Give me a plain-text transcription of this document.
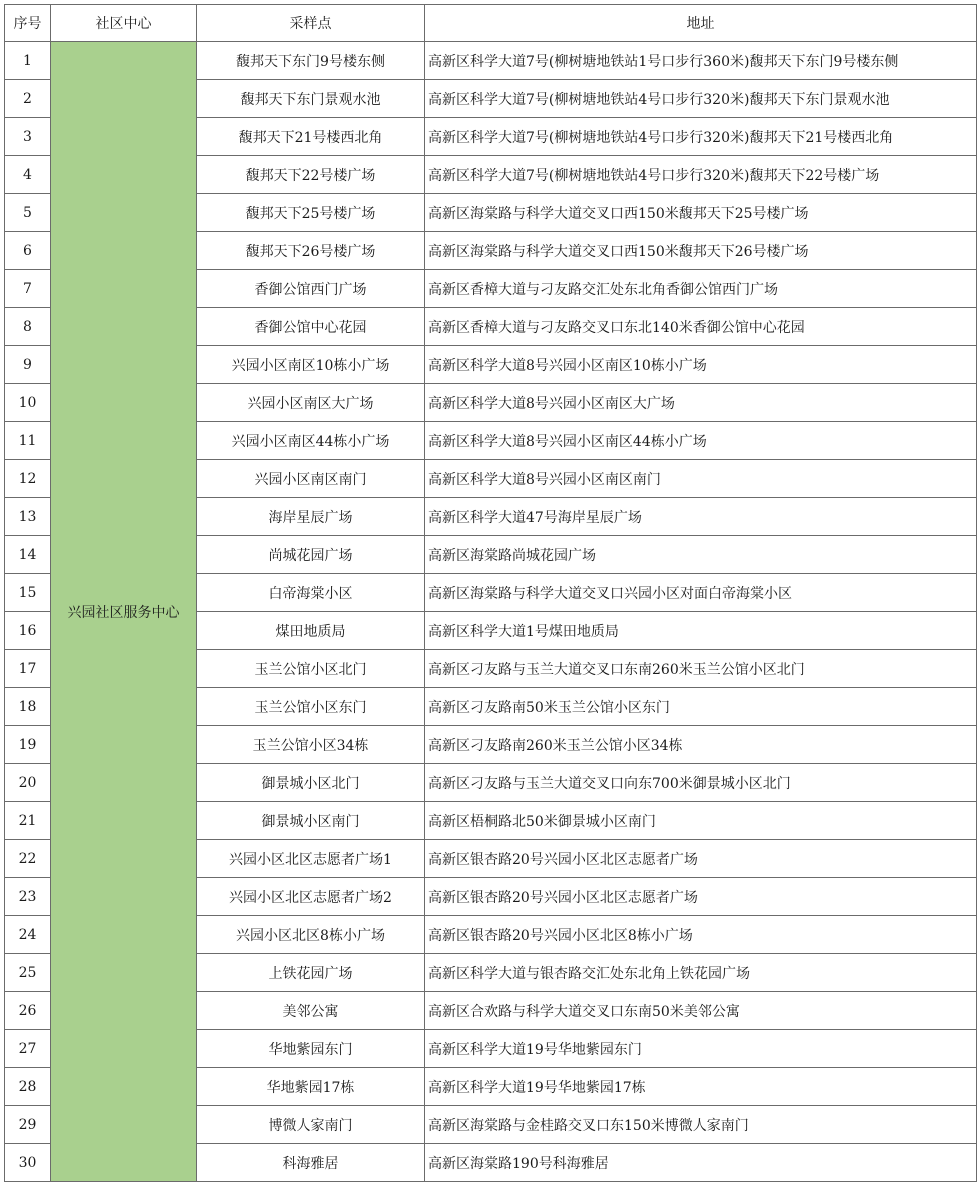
序号	社区中心	采样点	地址
1	兴园社区服务中心	馥邦天下东门9号楼东侧	高新区科学大道7号(柳树塘地铁站1号口步行360米)馥邦天下东门9号楼东侧
2		馥邦天下东门景观水池	高新区科学大道7号(柳树塘地铁站4号口步行320米)馥邦天下东门景观水池
3		馥邦天下21号楼西北角	高新区科学大道7号(柳树塘地铁站4号口步行320米)馥邦天下21号楼西北角
4		馥邦天下22号楼广场	高新区科学大道7号(柳树塘地铁站4号口步行320米)馥邦天下22号楼广场
5		馥邦天下25号楼广场	高新区海棠路与科学大道交叉口西150米馥邦天下25号楼广场
6		馥邦天下26号楼广场	高新区海棠路与科学大道交叉口西150米馥邦天下26号楼广场
7		香御公馆西门广场	高新区香樟大道与刁友路交汇处东北角香御公馆西门广场
8		香御公馆中心花园	高新区香樟大道与刁友路交叉口东北140米香御公馆中心花园
9		兴园小区南区10栋小广场	高新区科学大道8号兴园小区南区10栋小广场
10		兴园小区南区大广场	高新区科学大道8号兴园小区南区大广场
11		兴园小区南区44栋小广场	高新区科学大道8号兴园小区南区44栋小广场
12		兴园小区南区南门	高新区科学大道8号兴园小区南区南门
13		海岸星辰广场	高新区科学大道47号海岸星辰广场
14		尚城花园广场	高新区海棠路尚城花园广场
15		白帝海棠小区	高新区海棠路与科学大道交叉口兴园小区对面白帝海棠小区
16		煤田地质局	高新区科学大道1号煤田地质局
17		玉兰公馆小区北门	高新区刁友路与玉兰大道交叉口东南260米玉兰公馆小区北门
18		玉兰公馆小区东门	高新区刁友路南50米玉兰公馆小区东门
19		玉兰公馆小区34栋	高新区刁友路南260米玉兰公馆小区34栋
20		御景城小区北门	高新区刁友路与玉兰大道交叉口向东700米御景城小区北门
21		御景城小区南门	高新区梧桐路北50米御景城小区南门
22		兴园小区北区志愿者广场1	高新区银杏路20号兴园小区北区志愿者广场
23		兴园小区北区志愿者广场2	高新区银杏路20号兴园小区北区志愿者广场
24		兴园小区北区8栋小广场	高新区银杏路20号兴园小区北区8栋小广场
25		上铁花园广场	高新区科学大道与银杏路交汇处东北角上铁花园广场
26		美邻公寓	高新区合欢路与科学大道交叉口东南50米美邻公寓
27		华地紫园东门	高新区科学大道19号华地紫园东门
28		华地紫园17栋	高新区科学大道19号华地紫园17栋
29		博微人家南门	高新区海棠路与金桂路交叉口东150米博微人家南门
30		科海雅居	高新区海棠路190号科海雅居
